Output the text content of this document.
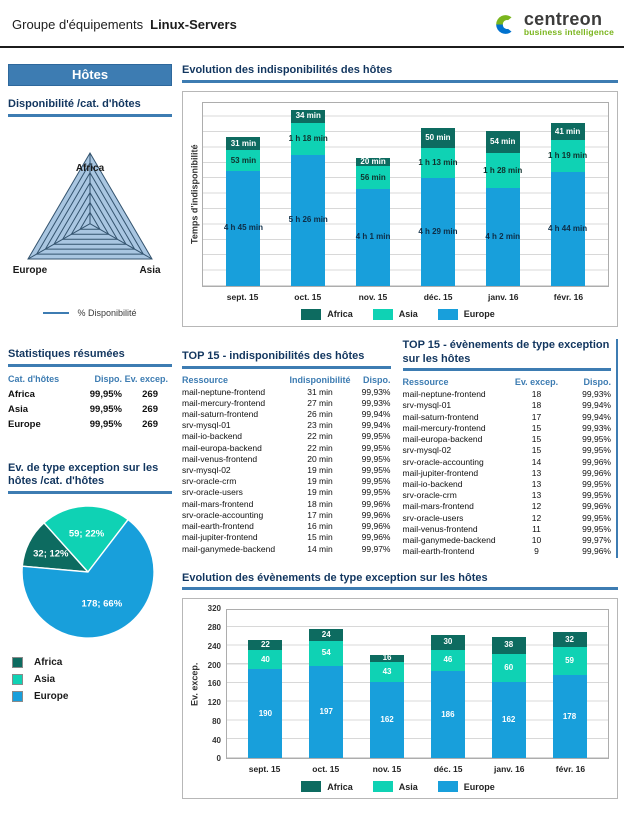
Groupe d'équipements Linux-Servers	centreon
business intelligence
Hôtes
Disponibilité /cat. d'hôtes
Africa
Europe	Asia
% Disponibilité
Statistiques résumées
Cat. d'hôtes	Dispo. Ev. excep.
Africa	99,95%	269
Asia	99,95%	269
Europe	99,95%	269
Ev. de type exception sur les hôtes /cat. d'hôtes
32; 12%
59; 22%
178; 66%
Africa
Asia
Europe
Evolution des indisponibilités des hôtes
Temps d'indisponibilité
31 min
53 min
4 h 45 min
34 min
1 h 18 min
5 h 26 min
20 min
56 min
4 h 1 min
50 min
1 h 13 min
4 h 29 min
54 min
1 h 28 min
4 h 2 min
41 min
1 h 19 min
4 h 44 min
sept. 15	oct. 15	nov. 15	déc. 15	janv. 16	févr. 16
Africa	Asia	Europe
TOP 15 - indisponibilités des hôtes
Ressource	Indisponibilité	Dispo.
mail-neptune-frontend	31 min	99,93%
mail-mercury-frontend	27 min	99,93%
mail-saturn-frontend	26 min	99,94%
srv-mysql-01	23 min	99,94%
mail-io-backend	22 min	99,95%
mail-europa-backend	22 min	99,95%
mail-venus-frontend	20 min	99,95%
srv-mysql-02	19 min	99,95%
srv-oracle-crm	19 min	99,95%
srv-oracle-users	19 min	99,95%
mail-mars-frontend	18 min	99,96%
srv-oracle-accounting	17 min	99,96%
mail-earth-frontend	16 min	99,96%
mail-jupiter-frontend	15 min	99,96%
mail-ganymede-backend	14 min	99,97%
TOP 15 - évènements de type exception sur les hôtes
Ressource	Ev. excep.	Dispo.
mail-neptune-frontend	18	99,93%
srv-mysql-01	18	99,94%
mail-saturn-frontend	17	99,94%
mail-mercury-frontend	15	99,93%
mail-europa-backend	15	99,95%
srv-mysql-02	15	99,95%
srv-oracle-accounting	14	99,96%
mail-jupiter-frontend	13	99,96%
mail-io-backend	13	99,95%
srv-oracle-crm	13	99,95%
mail-mars-frontend	12	99,96%
srv-oracle-users	12	99,95%
mail-venus-frontend	11	99,95%
mail-ganymede-backend	10	99,97%
mail-earth-frontend	9	99,96%
Evolution des évènements de type exception sur les hôtes
Ev. excep.
0
40
80
120
160
200
240
280
320
22
40
190
24
54
197
16
43
162
30
46
186
38
60
162
32
59
178
sept. 15	oct. 15	nov. 15	déc. 15	janv. 16	févr. 16
Africa	Asia	Europe
